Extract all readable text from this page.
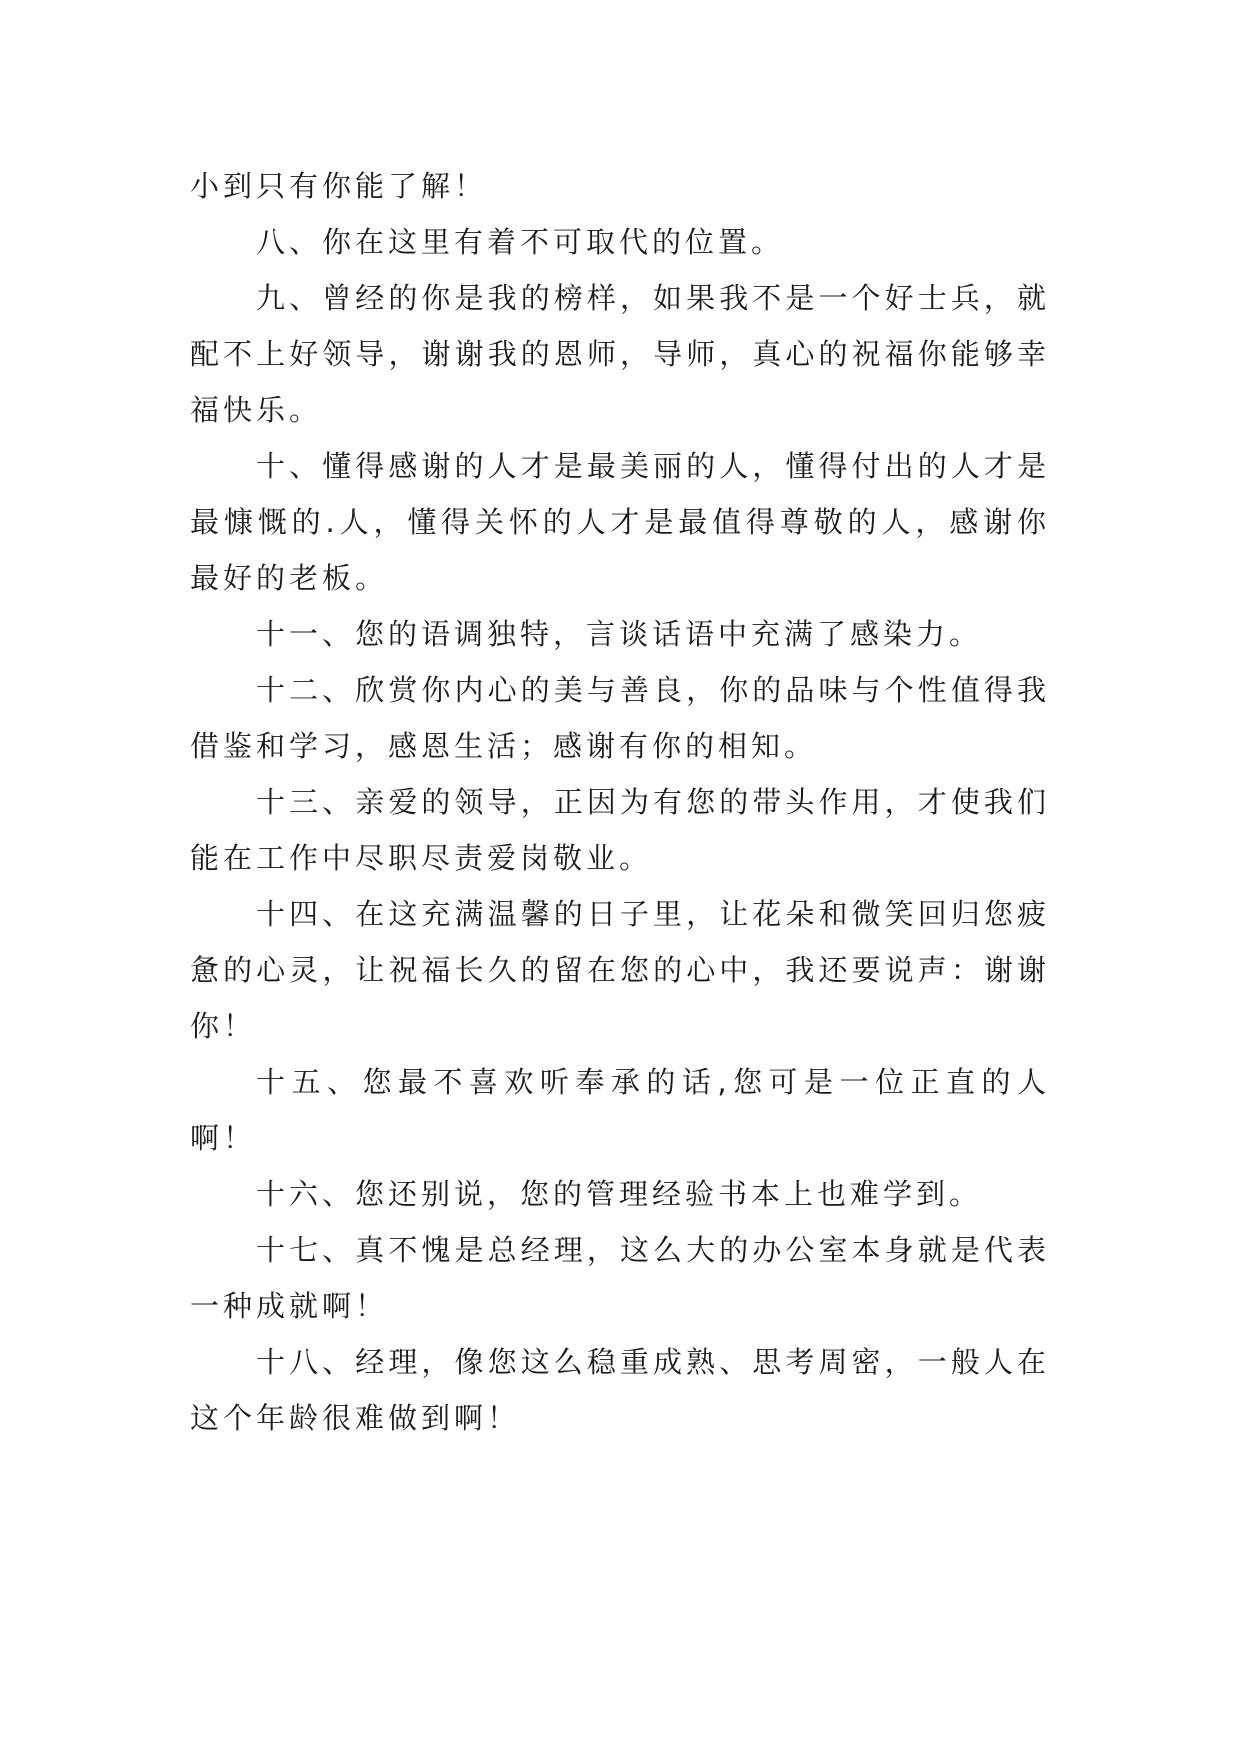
小到只有你能了解！

八、你在这里有着不可取代的位置。

九、曾经的你是我的榜样，如果我不是一个好士兵，就配不上好领导，谢谢我的恩师，导师，真心的祝福你能够幸福快乐。

十、懂得感谢的人才是最美丽的人，懂得付出的人才是最慷慨的.人，懂得关怀的人才是最值得尊敬的人，感谢你最好的老板。

十一、您的语调独特，言谈话语中充满了感染力。

十二、欣赏你内心的美与善良，你的品味与个性值得我借鉴和学习，感恩生活；感谢有你的相知。

十三、亲爱的领导，正因为有您的带头作用，才使我们能在工作中尽职尽责爱岗敬业。

十四、在这充满温馨的日子里，让花朵和微笑回归您疲惫的心灵，让祝福长久的留在您的心中，我还要说声：谢谢你！

十五、您最不喜欢听奉承的话,您可是一位正直的人啊！

十六、您还别说，您的管理经验书本上也难学到。

十七、真不愧是总经理，这么大的办公室本身就是代表一种成就啊！

十八、经理，像您这么稳重成熟、思考周密，一般人在这个年龄很难做到啊！
